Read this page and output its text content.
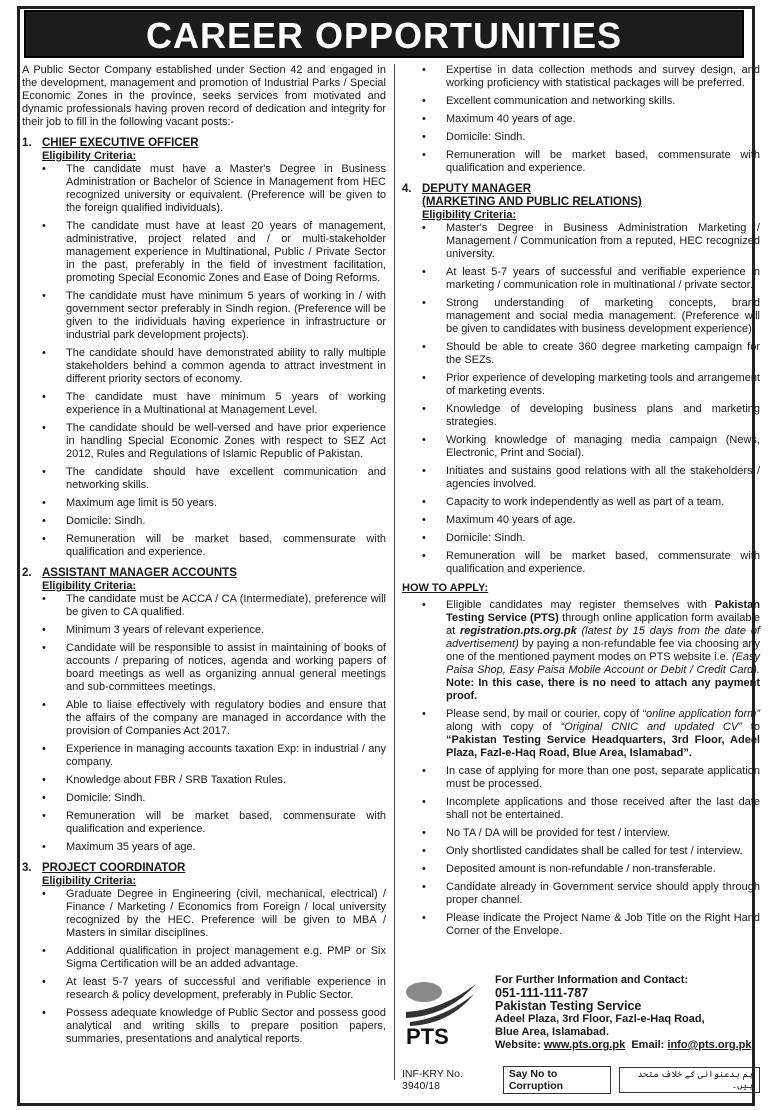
CAREER OPPORTUNITIES

A Public Sector Company established under Section 42 and engaged in the development, management and promotion of Industrial Parks / Special Economic Zones in the province, seeks services from motivated and dynamic professionals having proven record of dedication and integrity for their job to fill in the following vacant posts:-

1. CHIEF EXECUTIVE OFFICER
Eligibility Criteria:
• The candidate must have a Master's Degree in Business Administration or Bachelor of Science in Management from HEC recognized university or equivalent. (Preference will be given to the foreign qualified individuals).
• The candidate must have at least 20 years of management, administrative, project related and / or multi-stakeholder management experience in Multinational, Public / Private Sector in the past, preferably in the field of investment facilitation, promoting Special Economic Zones and Ease of Doing Reforms.
• The candidate must have minimum 5 years of working in / with government sector preferably in Sindh region. (Preference will be given to the individuals having experience in infrastructure or industrial park development projects).
• The candidate should have demonstrated ability to rally multiple stakeholders behind a common agenda to attract investment in different priority sectors of economy.
• The candidate must have minimum 5 years of working experience in a Multinational at Management Level.
• The candidate should be well-versed and have prior experience in handling Special Economic Zones with respect to SEZ Act 2012, Rules and Regulations of Islamic Republic of Pakistan.
• The candidate should have excellent communication and networking skills.
• Maximum age limit is 50 years.
• Domicile: Sindh.
• Remuneration will be market based, commensurate with qualification and experience.
2. ASSISTANT MANAGER ACCOUNTS
Eligibility Criteria:
• The candidate must be ACCA / CA (Intermediate), preference will be given to CA qualified.
• Minimum 3 years of relevant experience.
• Candidate will be responsible to assist in maintaining of books of accounts / preparing of notices, agenda and working papers of board meetings as well as organizing annual general meetings and sub-committees meetings.
• Able to liaise effectively with regulatory bodies and ensure that the affairs of the company are managed in accordance with the provision of Companies Act 2017.
• Experience in managing accounts taxation Exp: in industrial / any company.
• Knowledge about FBR / SRB Taxation Rules.
• Domicile: Sindh.
• Remuneration will be market based, commensurate with qualification and experience.
• Maximum 35 years of age.
3. PROJECT COORDINATOR
Eligibility Criteria:
• Graduate Degree in Engineering (civil, mechanical, electrical) / Finance / Marketing / Economics from Foreign / local university recognized by the HEC. Preference will be given to MBA / Masters in similar disciplines.
• Additional qualification in project management e.g. PMP or Six Sigma Certification will be an added advantage.
• At least 5-7 years of successful and verifiable experience in research & policy development, preferably in Public Sector.
• Possess adequate knowledge of Public Sector and possess good analytical and writing skills to prepare position papers, summaries, presentations and analytical reports.
• Expertise in data collection methods and survey design, and working proficiency with statistical packages will be preferred.
• Excellent communication and networking skills.
• Maximum 40 years of age.
• Domicile: Sindh.
• Remuneration will be market based, commensurate with qualification and experience.
4. DEPUTY MANAGER
(MARKETING AND PUBLIC RELATIONS)
Eligibility Criteria:
• Master's Degree in Business Administration Marketing / Management / Communication from a reputed, HEC recognized university.
• At least 5-7 years of successful and verifiable experience in marketing / communication role in multinational / private sector.
• Strong understanding of marketing concepts, brand management and social media management. (Preference will be given to candidates with business development experience).
• Should be able to create 360 degree marketing campaign for the SEZs.
• Prior experience of developing marketing tools and arrangement of marketing events.
• Knowledge of developing business plans and marketing strategies.
• Working knowledge of managing media campaign (News, Electronic, Print and Social).
• Initiates and sustains good relations with all the stakeholders / agencies involved.
• Capacity to work independently as well as part of a team.
• Maximum 40 years of age.
• Domicile: Sindh.
• Remuneration will be market based, commensurate with qualification and experience.
HOW TO APPLY:
• Eligible candidates may register themselves with Pakistan Testing Service (PTS) through online application form available at registration.pts.org.pk (latest by 15 days from the date of advertisement) by paying a non-refundable fee via choosing any one of the mentioned payment modes on PTS website i.e. (Easy Paisa Shop, Easy Paisa Mobile Account or Debit / Credit Card). Note: In this case, there is no need to attach any payment proof.
• Please send, by mail or courier, copy of “online application form” along with copy of “Original CNIC and updated CV” to “Pakistan Testing Service Headquarters, 3rd Floor, Adeel Plaza, Fazl-e-Haq Road, Blue Area, Islamabad”.
• In case of applying for more than one post, separate application must be processed.
• Incomplete applications and those received after the last date shall not be entertained.
• No TA / DA will be provided for test / interview.
• Only shortlisted candidates shall be called for test / interview.
• Deposited amount is non-refundable / non-transferable.
• Candidate already in Government service should apply through proper channel.
• Please indicate the Project Name & Job Title on the Right Hand Corner of the Envelope.
PTS
For Further Information and Contact:
051-111-111-787
Pakistan Testing Service
Adeel Plaza, 3rd Floor, Fazl-e-Haq Road,
Blue Area, Islamabad.
Website: www.pts.org.pk Email: info@pts.org.pk
INF-KRY No. 3940/18
Say No to Corruption
ہم بدعنوانی کے خلاف متحد ہیں۔
